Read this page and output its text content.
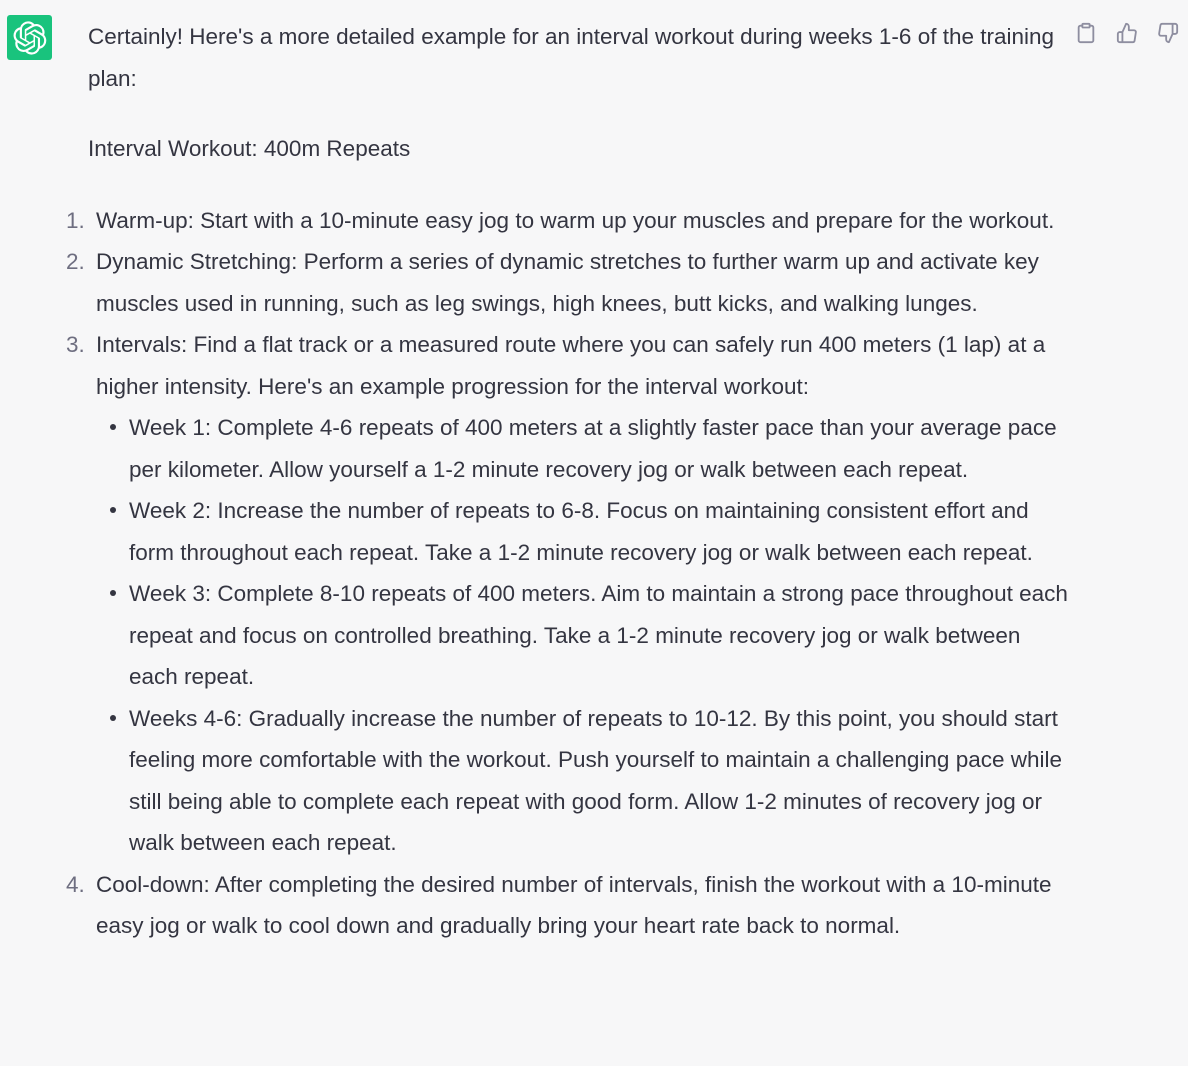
Certainly! Here's a more detailed example for an interval workout during weeks 1-6 of the training plan:

Interval Workout: 400m Repeats

1. Warm-up: Start with a 10-minute easy jog to warm up your muscles and prepare for the workout.
2. Dynamic Stretching: Perform a series of dynamic stretches to further warm up and activate key muscles used in running, such as leg swings, high knees, butt kicks, and walking lunges.
3. Intervals: Find a flat track or a measured route where you can safely run 400 meters (1 lap) at a higher intensity. Here's an example progression for the interval workout:
Week 1: Complete 4-6 repeats of 400 meters at a slightly faster pace than your average pace per kilometer. Allow yourself a 1-2 minute recovery jog or walk between each repeat.
Week 2: Increase the number of repeats to 6-8. Focus on maintaining consistent effort and form throughout each repeat. Take a 1-2 minute recovery jog or walk between each repeat.
Week 3: Complete 8-10 repeats of 400 meters. Aim to maintain a strong pace throughout each repeat and focus on controlled breathing. Take a 1-2 minute recovery jog or walk between each repeat.
Weeks 4-6: Gradually increase the number of repeats to 10-12. By this point, you should start feeling more comfortable with the workout. Push yourself to maintain a challenging pace while still being able to complete each repeat with good form. Allow 1-2 minutes of recovery jog or walk between each repeat.
4. Cool-down: After completing the desired number of intervals, finish the workout with a 10-minute easy jog or walk to cool down and gradually bring your heart rate back to normal.
